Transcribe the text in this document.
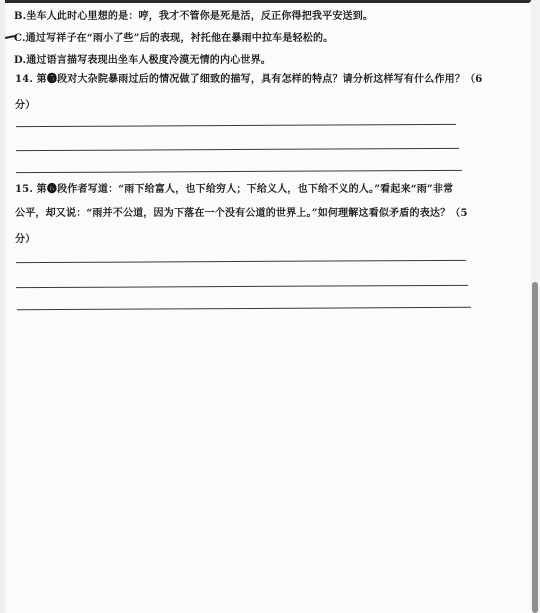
B.坐车人此时心里想的是：哼，我才不管你是死是活，反正你得把我平安送到。
C.通过写祥子在“雨小了些”后的表现，衬托他在暴雨中拉车是轻松的。
D.通过语言描写表现出坐车人极度冷漠无情的内心世界。
14. 第❺段对大杂院暴雨过后的情况做了细致的描写，具有怎样的特点？请分析这样写有什么作用？（6
分）
15. 第❻段作者写道：“雨下给富人，也下给穷人；下给义人，也下给不义的人。”看起来“雨”非常
公平，却又说：“雨并不公道，因为下落在一个没有公道的世界上。”如何理解这看似矛盾的表达？（5
分）
